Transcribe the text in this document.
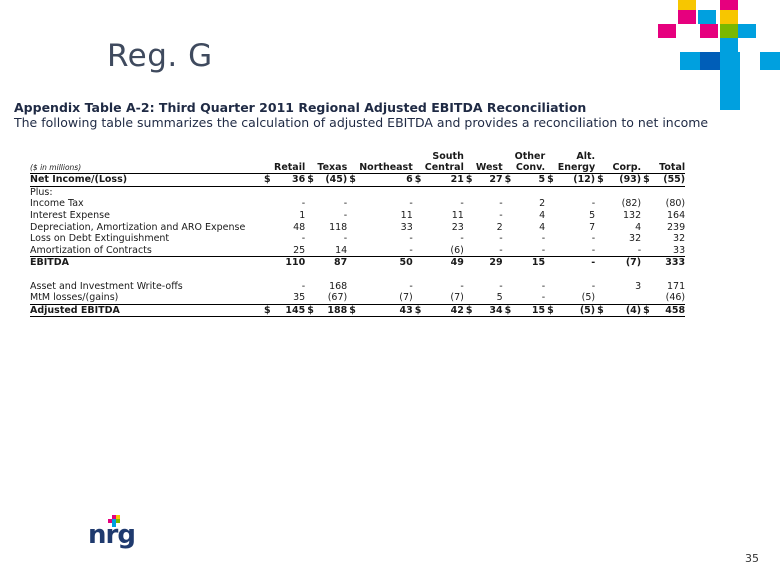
Reg. G
Appendix Table A-2: Third Quarter 2011 Regional Adjusted EBITDA Reconciliation
The following table summarizes the calculation of adjusted EBITDA and provides a reconciliation to net income
								South				Other		Alt.				
($ in millions)		Retail		Texas		Northeast		Central		West		Conv.		Energy		Corp.		Total
Net Income/(Loss)	$	36	$	(45)	$	6	$	21	$	27	$	5	$	(12)	$	(93)	$	(55)
Plus:																		
Income Tax		-		-		-		-		-		2		-		(82)		(80)
Interest Expense		1		-		11		11		-		4		5		132		164
Depreciation, Amortization and ARO Expense		48		118		33		23		2		4		7		4		239
Loss on Debt Extinguishment		-		-		-		-		-		-		-		32		32
Amortization of Contracts		25		14		-		(6)		-		-		-		-		33
EBITDA		110		87		50		49		29		15		-		(7)		333

Asset and Investment Write-offs		-		168		-		-		-		-		-		3		171
MtM losses/(gains)		35		(67)		(7)		(7)		5		-		(5)				(46)
Adjusted EBITDA	$	145	$	188	$	43	$	42	$	34	$	15	$	(5)	$	(4)	$	458
nrg
35
